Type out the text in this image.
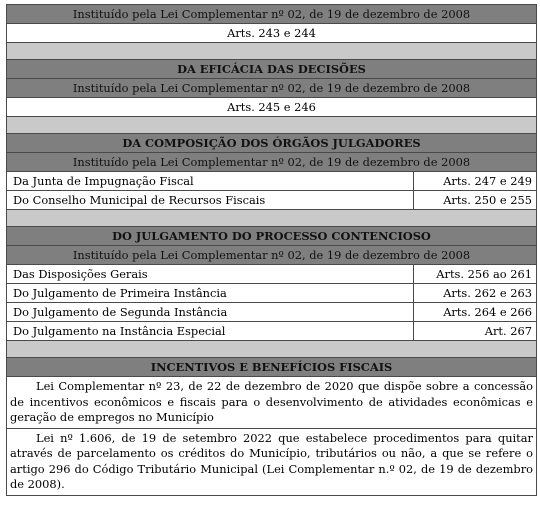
Instituído pela Lei Complementar nº 02, de 19 de dezembro de 2008	
Arts. 243 e 244	

DA EFICÁCIA DAS DECISÕES	
Instituído pela Lei Complementar nº 02, de 19 de dezembro de 2008	
Arts. 245 e 246	

DA COMPOSIÇÃO DOS ÓRGÃOS JULGADORES	
Instituído pela Lei Complementar nº 02, de 19 de dezembro de 2008	
Da Junta de Impugnação Fiscal	Arts. 247 e 249
Do Conselho Municipal de Recursos Fiscais	Arts. 250 e 255

DO JULGAMENTO DO PROCESSO CONTENCIOSO	
Instituído pela Lei Complementar nº 02, de 19 de dezembro de 2008	
Das Disposições Gerais	Arts. 256 ao 261
Do Julgamento de Primeira Instância	Arts. 262 e 263
Do Julgamento de Segunda Instância	Arts. 264 e 266
Do Julgamento na Instância Especial	Art. 267

INCENTIVOS E BENEFÍCIOS FISCAIS	
Lei Complementar nº 23, de 22 de dezembro de 2020 que dispõe sobre a concessão de incentivos econômicos e fiscais para o desenvolvimento de atividades econômicas e geração de empregos no Município	
Lei nº 1.606, de 19 de setembro 2022 que estabelece procedimentos para quitar através de parcelamento os créditos do Município, tributários ou não, a que se refere o artigo 296 do Código Tributário Municipal (Lei Complementar n.º 02, de 19 de dezembro de 2008).	
